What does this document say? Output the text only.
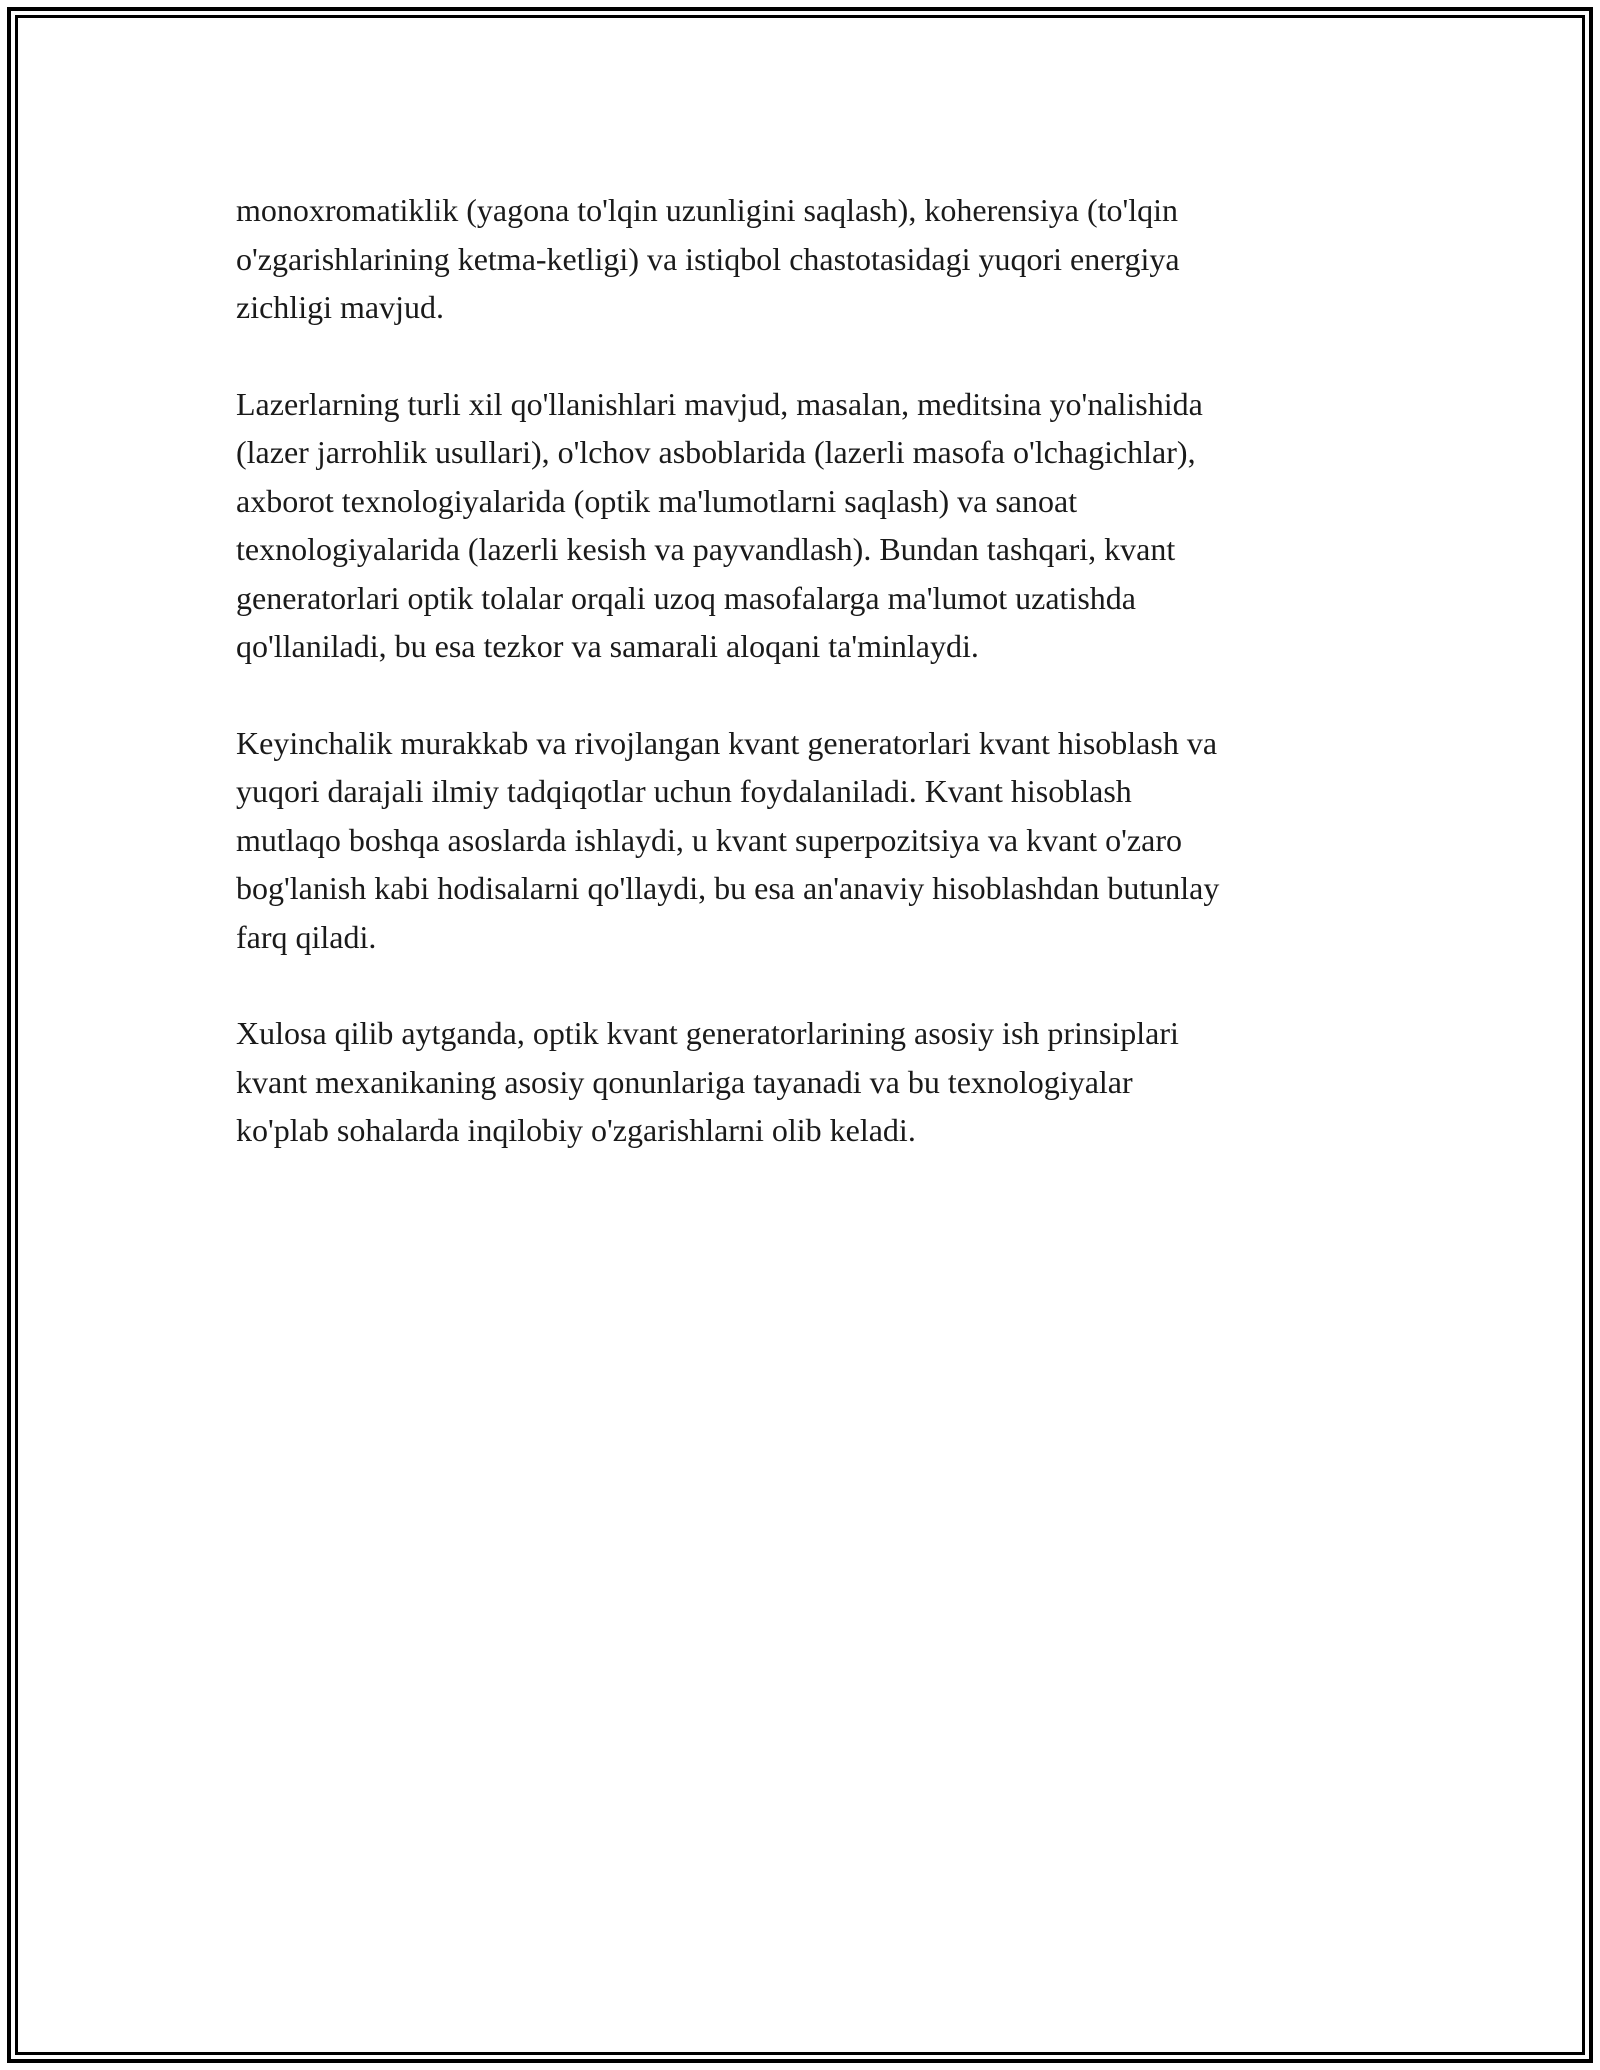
monoxromatiklik (yagona to'lqin uzunligini saqlash), koherensiya (to'lqin
o'zgarishlarining ketma-ketligi) va istiqbol chastotasidagi yuqori energiya
zichligi mavjud.

Lazerlarning turli xil qo'llanishlari mavjud, masalan, meditsina yo'nalishida
(lazer jarrohlik usullari), o'lchov asboblarida (lazerli masofa o'lchagichlar),
axborot texnologiyalarida (optik ma'lumotlarni saqlash) va sanoat
texnologiyalarida (lazerli kesish va payvandlash). Bundan tashqari, kvant
generatorlari optik tolalar orqali uzoq masofalarga ma'lumot uzatishda
qo'llaniladi, bu esa tezkor va samarali aloqani ta'minlaydi.

Keyinchalik murakkab va rivojlangan kvant generatorlari kvant hisoblash va
yuqori darajali ilmiy tadqiqotlar uchun foydalaniladi. Kvant hisoblash
mutlaqo boshqa asoslarda ishlaydi, u kvant superpozitsiya va kvant o'zaro
bog'lanish kabi hodisalarni qo'llaydi, bu esa an'anaviy hisoblashdan butunlay
farq qiladi.

Xulosa qilib aytganda, optik kvant generatorlarining asosiy ish prinsiplari
kvant mexanikaning asosiy qonunlariga tayanadi va bu texnologiyalar
ko'plab sohalarda inqilobiy o'zgarishlarni olib keladi.
